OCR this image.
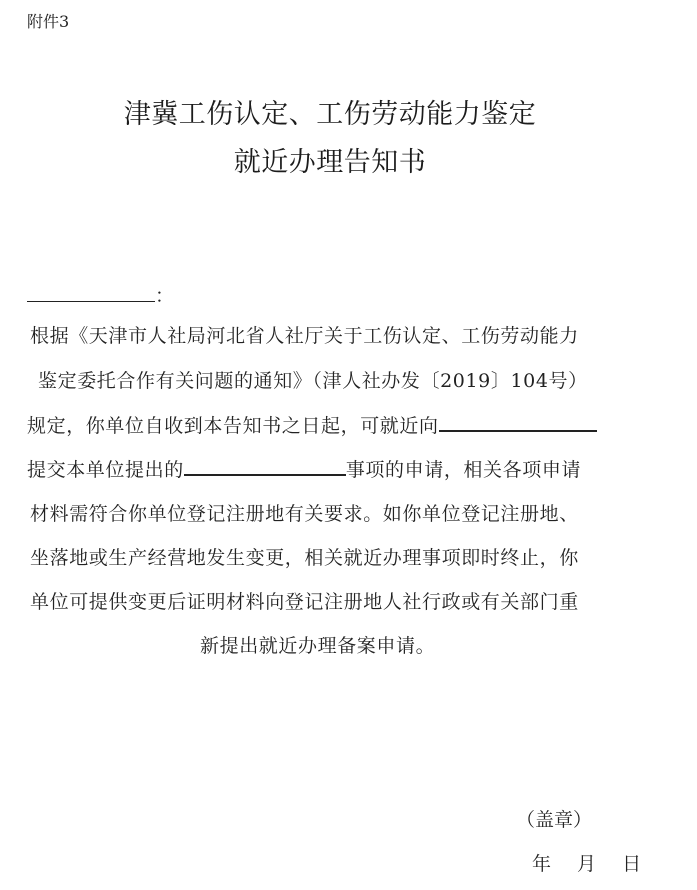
附件3
津冀工伤认定、工伤劳动能力鉴定
就近办理告知书
：
根据《天津市人社局河北省人社厅关于工伤认定、工伤劳动能力
鉴定委托合作有关问题的通知》（津人社办发〔2019〕104号）
规定，你单位自收到本告知书之日起，可就近向
提交本单位提出的	事项的申请，相关各项申请
材料需符合你单位登记注册地有关要求。如你单位登记注册地、
坐落地或生产经营地发生变更，相关就近办理事项即时终止，你
单位可提供变更后证明材料向登记注册地人社行政或有关部门重
新提出就近办理备案申请。
（盖章）
年 月 日
